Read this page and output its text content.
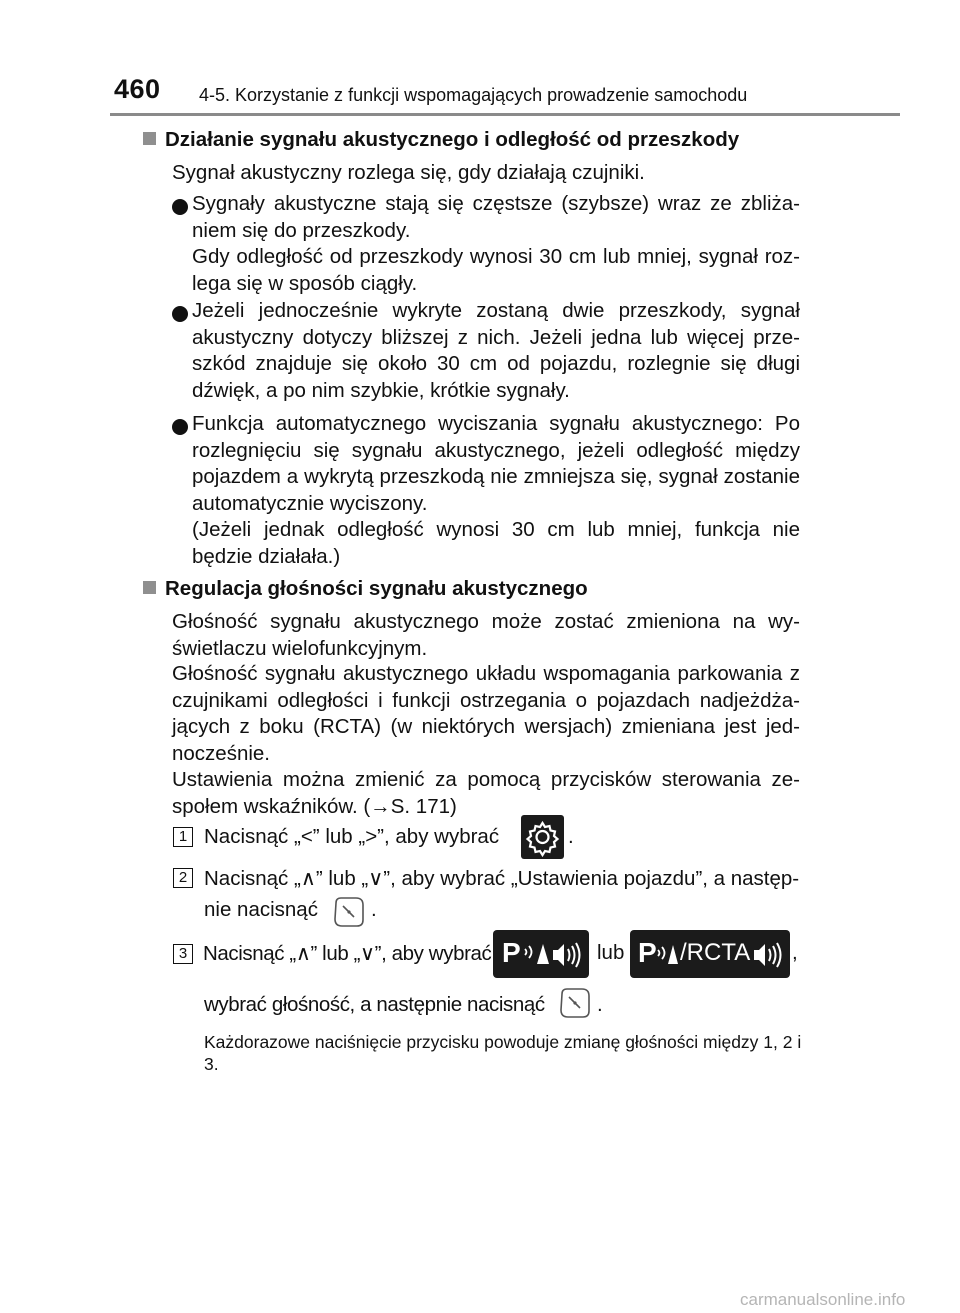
460 4-5. Korzystanie z funkcji wspomagających prowadzenie samochodu
Działanie sygnału akustycznego i odległość od przeszkody
Sygnał akustyczny rozlega się, gdy działają czujniki.
Sygnały akustyczne stają się częstsze (szybsze) wraz ze zbliża-niem się do przeszkody.
Gdy odległość od przeszkody wynosi 30 cm lub mniej, sygnał roz-lega się w sposób ciągły.
Jeżeli jednocześnie wykryte zostaną dwie przeszkody, sygnał akustyczny dotyczy bliższej z nich. Jeżeli jedna lub więcej prze-szkód znajduje się około 30 cm od pojazdu, rozlegnie się długi dźwięk, a po nim szybkie, krótkie sygnały.
Funkcja automatycznego wyciszania sygnału akustycznego: Po rozlegnięciu się sygnału akustycznego, jeżeli odległość między pojazdem a wykrytą przeszkodą nie zmniejsza się, sygnał zostanie automatycznie wyciszony.
(Jeżeli jednak odległość wynosi 30 cm lub mniej, funkcja nie będzie działała.)
Regulacja głośności sygnału akustycznego
Głośność sygnału akustycznego może zostać zmieniona na wy-świetlaczu wielofunkcyjnym.
Głośność sygnału akustycznego układu wspomagania parkowania z czujnikami odległości i funkcji ostrzegania o pojazdach nadjeżdża-jących z boku (RCTA) (w niektórych wersjach) zmieniana jest jed-nocześnie.
Ustawienia można zmienić za pomocą przycisków sterowania ze-społem wskaźników. (→S. 171)
1 Nacisnąć „<” lub „>”, aby wybrać	.
2 Nacisnąć „∧” lub „∨”, aby wybrać „Ustawienia pojazdu”, a następ-
nie nacisnąć	.
3 Nacisnąć „∧” lub „∨”, aby wybrać P	lub P /RCTA ,
wybrać głośność, a następnie nacisnąć	.
Każdorazowe naciśnięcie przycisku powoduje zmianę głośności między 1, 2 i 3.
carmanualsonline.info
